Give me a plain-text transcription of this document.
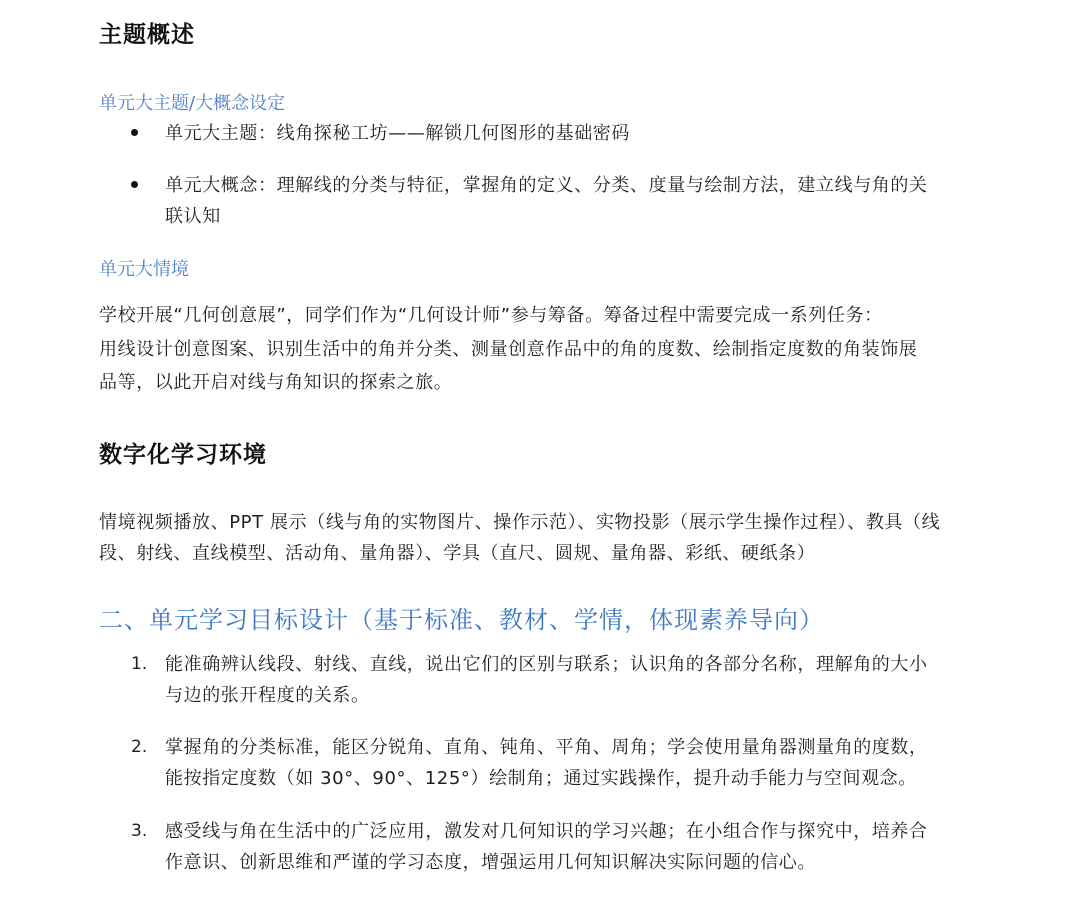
主题概述
单元大主题/大概念设定
单元大主题：线角探秘工坊——解锁几何图形的基础密码
单元大概念：理解线的分类与特征，掌握角的定义、分类、度量与绘制方法，建立线与角的关
联认知
单元大情境
学校开展“几何创意展”，同学们作为“几何设计师”参与筹备。筹备过程中需要完成一系列任务：
用线设计创意图案、识别生活中的角并分类、测量创意作品中的角的度数、绘制指定度数的角装饰展
品等，以此开启对线与角知识的探索之旅。
数字化学习环境
情境视频播放、PPT 展示（线与角的实物图片、操作示范）、实物投影（展示学生操作过程）、教具（线
段、射线、直线模型、活动角、量角器）、学具（直尺、圆规、量角器、彩纸、硬纸条）
二、单元学习目标设计（基于标准、教材、学情，体现素养导向）
1. 能准确辨认线段、射线、直线，说出它们的区别与联系；认识角的各部分名称，理解角的大小
与边的张开程度的关系。
2. 掌握角的分类标准，能区分锐角、直角、钝角、平角、周角；学会使用量角器测量角的度数，
能按指定度数（如 30°、90°、125°）绘制角；通过实践操作，提升动手能力与空间观念。
3. 感受线与角在生活中的广泛应用，激发对几何知识的学习兴趣；在小组合作与探究中，培养合
作意识、创新思维和严谨的学习态度，增强运用几何知识解决实际问题的信心。
